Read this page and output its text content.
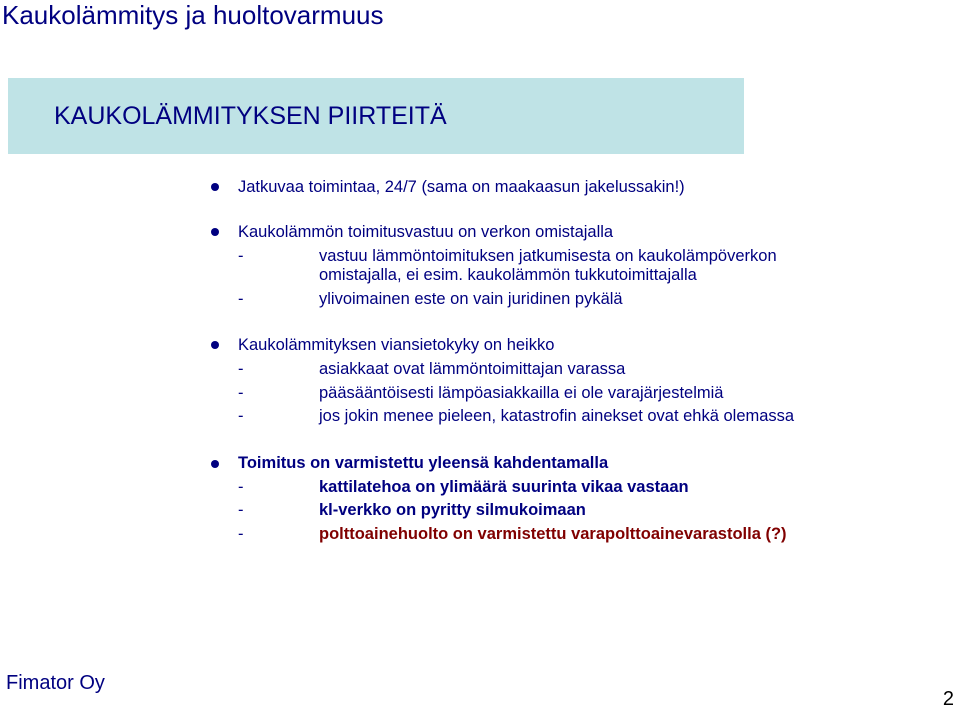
Kaukolämmitys ja huoltovarmuus
KAUKOLÄMMITYKSEN PIIRTEITÄ
Jatkuvaa toimintaa, 24/7 (sama on maakaasun jakelussakin!)
Kaukolämmön toimitusvastuu on verkon omistajalla
-	vastuu lämmöntoimituksen jatkumisesta on kaukolämpöverkon
omistajalla, ei esim. kaukolämmön tukkutoimittajalla
-	ylivoimainen este on vain juridinen pykälä
Kaukolämmityksen viansietokyky on heikko
-	asiakkaat ovat lämmöntoimittajan varassa
-	pääsääntöisesti lämpöasiakkailla ei ole varajärjestelmiä
-	jos jokin menee pieleen, katastrofin ainekset ovat ehkä olemassa
Toimitus on varmistettu yleensä kahdentamalla
-	kattilatehoa on ylimäärä suurinta vikaa vastaan
-	kl-verkko on pyritty silmukoimaan
-	polttoainehuolto on varmistettu varapolttoainevarastolla (?)
Fimator Oy
2
